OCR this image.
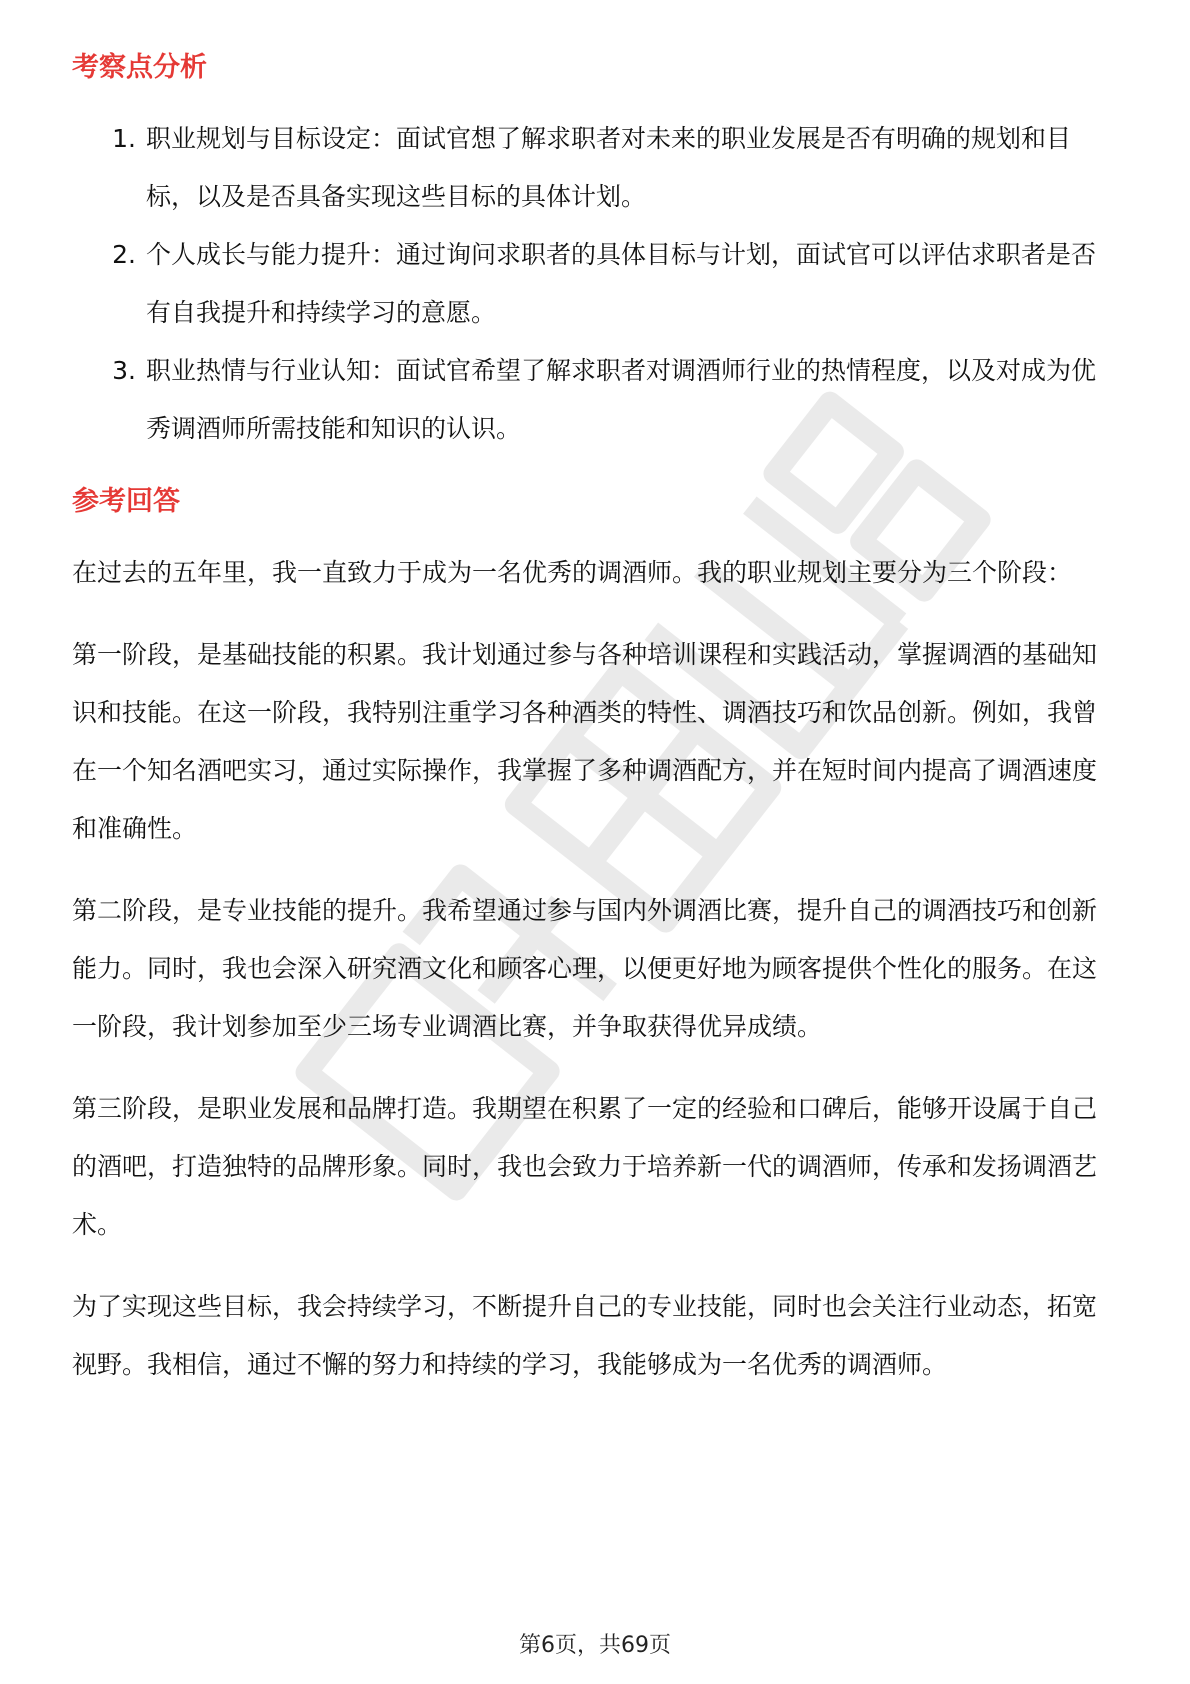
考察点分析
1. 职业规划与目标设定：面试官想了解求职者对未来的职业发展是否有明确的规划和目标，以及是否具备实现这些目标的具体计划。
2. 个人成长与能力提升：通过询问求职者的具体目标与计划，面试官可以评估求职者是否有自我提升和持续学习的意愿。
3. 职业热情与行业认知：面试官希望了解求职者对调酒师行业的热情程度，以及对成为优秀调酒师所需技能和知识的认识。
参考回答

在过去的五年里，我一直致力于成为一名优秀的调酒师。我的职业规划主要分为三个阶段：

第一阶段，是基础技能的积累。我计划通过参与各种培训课程和实践活动，掌握调酒的基础知识和技能。在这一阶段，我特别注重学习各种酒类的特性、调酒技巧和饮品创新。例如，我曾在一个知名酒吧实习，通过实际操作，我掌握了多种调酒配方，并在短时间内提高了调酒速度和准确性。

第二阶段，是专业技能的提升。我希望通过参与国内外调酒比赛，提升自己的调酒技巧和创新能力。同时，我也会深入研究酒文化和顾客心理，以便更好地为顾客提供个性化的服务。在这一阶段，我计划参加至少三场专业调酒比赛，并争取获得优异成绩。

第三阶段，是职业发展和品牌打造。我期望在积累了一定的经验和口碑后，能够开设属于自己的酒吧，打造独特的品牌形象。同时，我也会致力于培养新一代的调酒师，传承和发扬调酒艺术。

为了实现这些目标，我会持续学习，不断提升自己的专业技能，同时也会关注行业动态，拓宽视野。我相信，通过不懈的努力和持续的学习，我能够成为一名优秀的调酒师。

第6页，共69页
